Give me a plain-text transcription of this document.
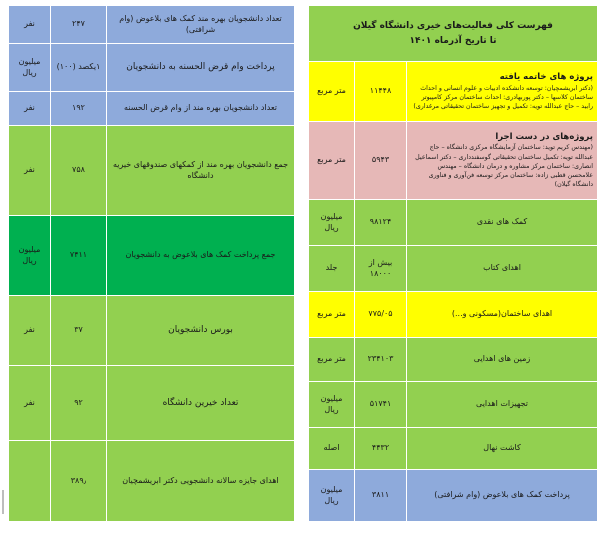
تعداد دانشجویان بهره مند کمک های بلاعوض (وام شرافتی)	۲۴۷	نفر
پرداخت وام قرض الحسنه به دانشجویان	۱یکصد (۱۰۰)	میلیون ریال
تعداد دانشجویان بهره مند از وام قرض الحسنه	۱۹۲	نفر
جمع دانشجویان بهره مند از کمکهای صندوقهای خیریه دانشگاه	۷۵۸	نفر
جمع پرداخت کمک های بلاعوض به دانشجویان	۷۴۱۱	میلیون ریال
بورس دانشجویان	۳۷	نفر
تعداد خیرین دانشگاه	۹۲	نفر
اهدای جایزه سالانه دانشجویی دکتر ابریشمچیان	۳۸۹٫	
فهرست کلی فعالیت‌های خیری دانشگاه گیلان
تا تاریخ آذرماه ۱۴۰۱		

پروژه های خاتمه یافته
(دکتر ابریشمچیان: توسعه دانشکده ادبیات و علوم انسانی و احداث ساختمان کلاسها – دکتر پوربهادری: احداث ساختمان مرکز کامپیوتر رابید – حاج عبدالله تویه: تکمیل و تجهیز ساختمان تحقیقاتی مرغداری)	۱۱۴۴۸	متر مربع

پروژه‌های در دست اجرا
(مهندس کریم توید: ساختمان آزمایشگاه مرکزی دانشگاه – حاج عبدالله تویه: تکمیل ساختمان تحقیقاتی گوسفندداری – دکتر اسماعیل انصاری: ساختمان مرکز مشاوره و درمان دانشگاه – مهندس علامحسن قطبی زاده: ساختمان مرکز توسعه فن‌آوری و فناوری دانشگاه گیلان)	۵۹۴۳	متر مربع
کمک های نقدی	۹۸۱۲۴	میلیون ریال
اهدای کتاب	بیش از ۱۸۰۰۰	جلد
اهدای ساختمان(مسکونی و...)	۷۷۵/۰۵	متر مربع
زمین های اهدایی	۲۳۴۱۰۳	متر مربع
تجهیزات اهدایی	۵۱۷۴۱	میلیون ریال
کاشت نهال	۴۴۳۲	اصله
پرداخت کمک های بلاعوض (وام شرافتی)	۳۸۱۱	میلیون ریال
